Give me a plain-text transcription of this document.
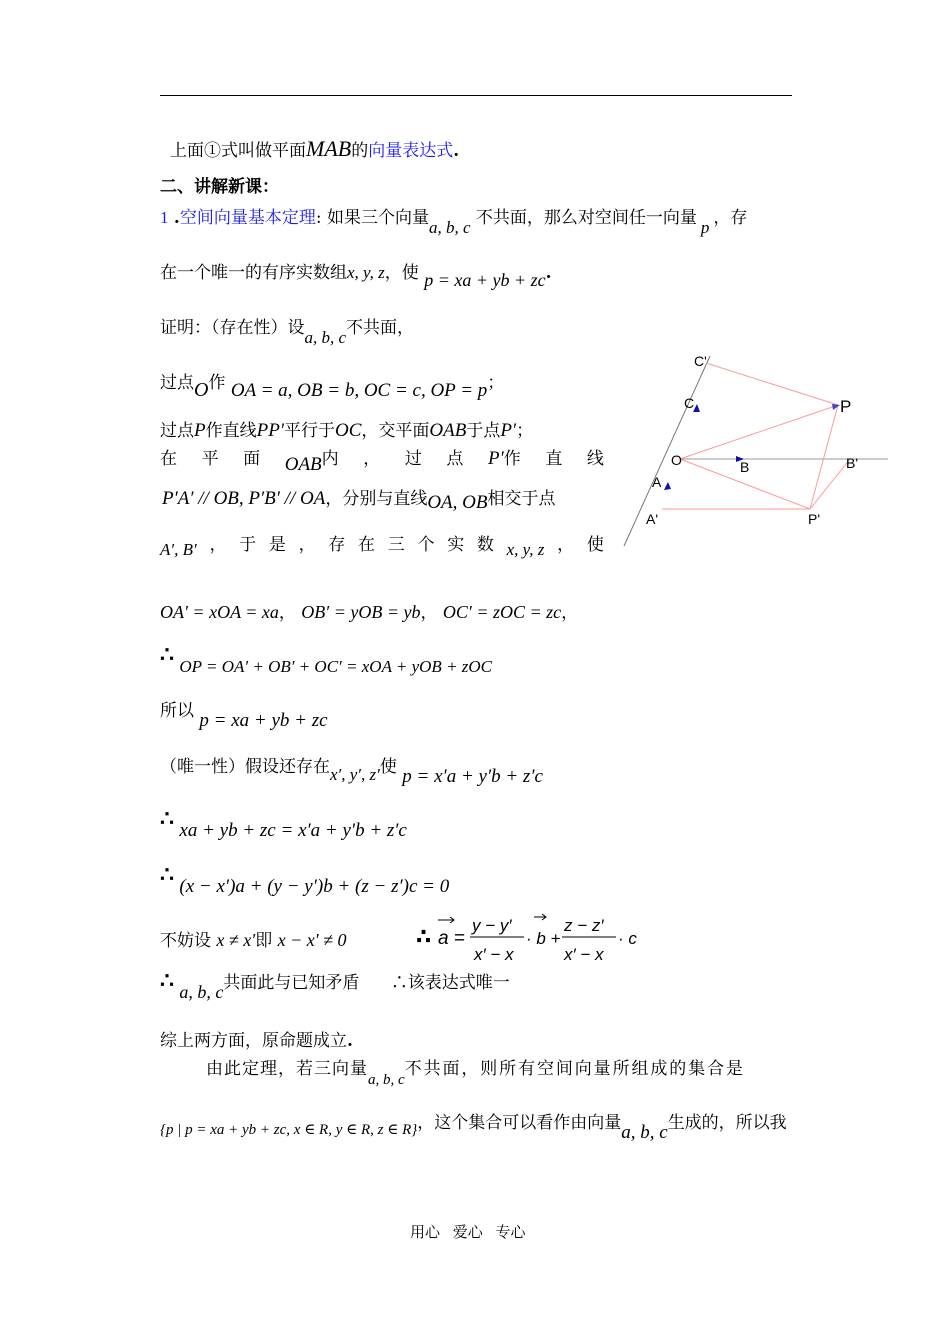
上面①式叫做平面MAB的向量表达式.
二、讲解新课：
1 .空间向量基本定理: 如果三个向量a, b, c 不共面，那么对空间任一向量 p ，存
在一个唯一的有序实数组x, y, z，使 p = xa + yb + zc.
证明：（存在性）设a, b, c不共面，
过点O作 OA = a, OB = b, OC = c, OP = p；
过点P作直线PP′平行于OC，交平面OAB于点P′；
在 平 面 OAB内 ， 过 点 P′作 直 线
P′A′ // OB, P′B′ // OA，分别与直线OA, OB相交于点
A′, B′ ， 于 是 ， 存 在 三 个 实 数 x, y, z ， 使
OA′ = xOA = xa， OB′ = yOB = yb， OC′ = zOC = zc，
∴ OP = OA′ + OB′ + OC′ = xOA + yOB + zOC
所以 p = xa + yb + zc
（唯一性）假设还存在x′, y′, z′使 p = x′a + y′b + z′c
∴ xa + yb + zc = x′a + y′b + z′c
∴ (x − x′)a + (y − y′)b + (z − z′)c = 0
不妨设 x ≠ x′即 x − x′ ≠ 0	∴ a =
y − y′
x′ − x
· b +
z − z′
x′ − x
· c
∴ a, b, c共面此与已知矛盾 ∴该表达式唯一
综上两方面，原命题成立.
由此定理，若三向量a, b, c不共面，则所有空间向量所组成的集合是
{p | p = xa + yb + zc, x ∈ R, y ∈ R, z ∈ R}，这个集合可以看作由向量a, b, c生成的，所以我
C'
C	P
O	B	B'
A
A'	P'
用心 爱心 专心
